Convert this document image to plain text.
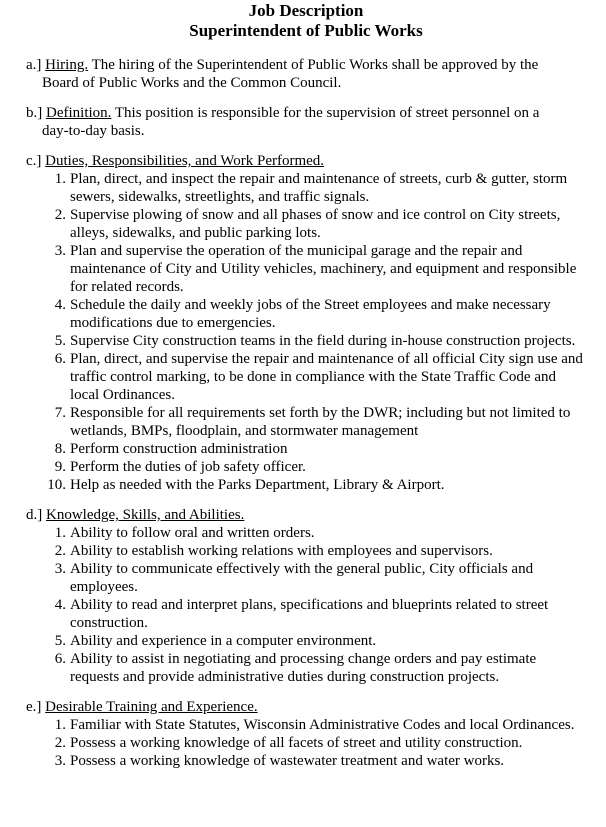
Job Description

Superintendent of Public Works

a.] Hiring. The hiring of the Superintendent of Public Works shall be approved by the

Board of Public Works and the Common Council.

b.] Definition. This position is responsible for the supervision of street personnel on a

day-to-day basis.

c.] Duties, Responsibilities, and Work Performed.

1. Plan, direct, and inspect the repair and maintenance of streets, curb & gutter, storm sewers, sidewalks, streetlights, and traffic signals.
2. Supervise plowing of snow and all phases of snow and ice control on City streets, alleys, sidewalks, and public parking lots.
3. Plan and supervise the operation of the municipal garage and the repair and maintenance of City and Utility vehicles, machinery, and equipment and responsible for related records.
4. Schedule the daily and weekly jobs of the Street employees and make necessary modifications due to emergencies.
5. Supervise City construction teams in the field during in-house construction projects.
6. Plan, direct, and supervise the repair and maintenance of all official City sign use and traffic control marking, to be done in compliance with the State Traffic Code and local Ordinances.
7. Responsible for all requirements set forth by the DWR; including but not limited to wetlands, BMPs, floodplain, and stormwater management
8. Perform construction administration
9. Perform the duties of job safety officer.
10. Help as needed with the Parks Department, Library & Airport.

d.] Knowledge, Skills, and Abilities.

1. Ability to follow oral and written orders.
2. Ability to establish working relations with employees and supervisors.
3. Ability to communicate effectively with the general public, City officials and employees.
4. Ability to read and interpret plans, specifications and blueprints related to street construction.
5. Ability and experience in a computer environment.
6. Ability to assist in negotiating and processing change orders and pay estimate requests and provide administrative duties during construction projects.

e.] Desirable Training and Experience.

1. Familiar with State Statutes, Wisconsin Administrative Codes and local Ordinances.
2. Possess a working knowledge of all facets of street and utility construction.
3. Possess a working knowledge of wastewater treatment and water works.
